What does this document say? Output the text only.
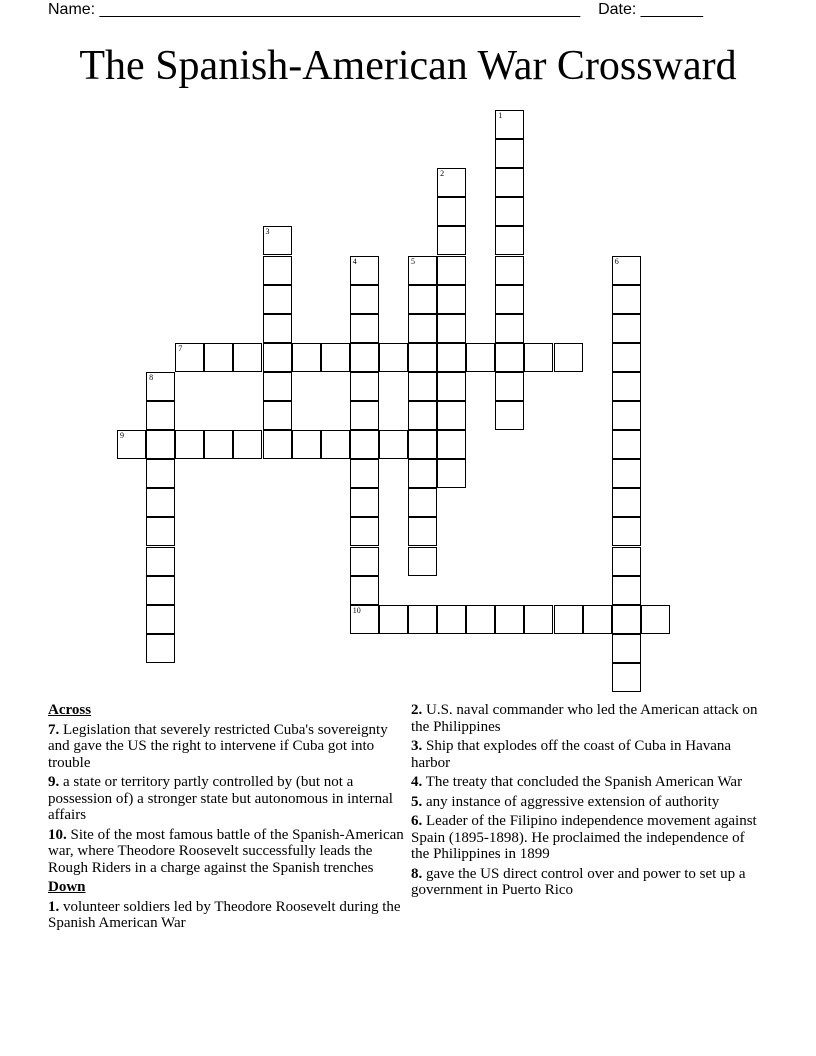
Name: ______________________________________________________ Date: _______
The Spanish-American War Crossward
1
2
3
4
10
5	6
7
8
9
Across
7. Legislation that severely restricted Cuba's sovereignty and gave the US the right to intervene if Cuba got into trouble
9. a state or territory partly controlled by (but not a possession of) a stronger state but autonomous in internal affairs
10. Site of the most famous battle of the Spanish-American war, where Theodore Roosevelt successfully leads the Rough Riders in a charge against the Spanish trenches
Down
1. volunteer soldiers led by Theodore Roosevelt during the Spanish American War
2. U.S. naval commander who led the American attack on the Philippines
3. Ship that explodes off the coast of Cuba in Havana harbor
4. The treaty that concluded the Spanish American War
5. any instance of aggressive extension of authority
6. Leader of the Filipino independence movement against Spain (1895-1898). He proclaimed the independence of the Philippines in 1899
8. gave the US direct control over and power to set up a government in Puerto Rico
